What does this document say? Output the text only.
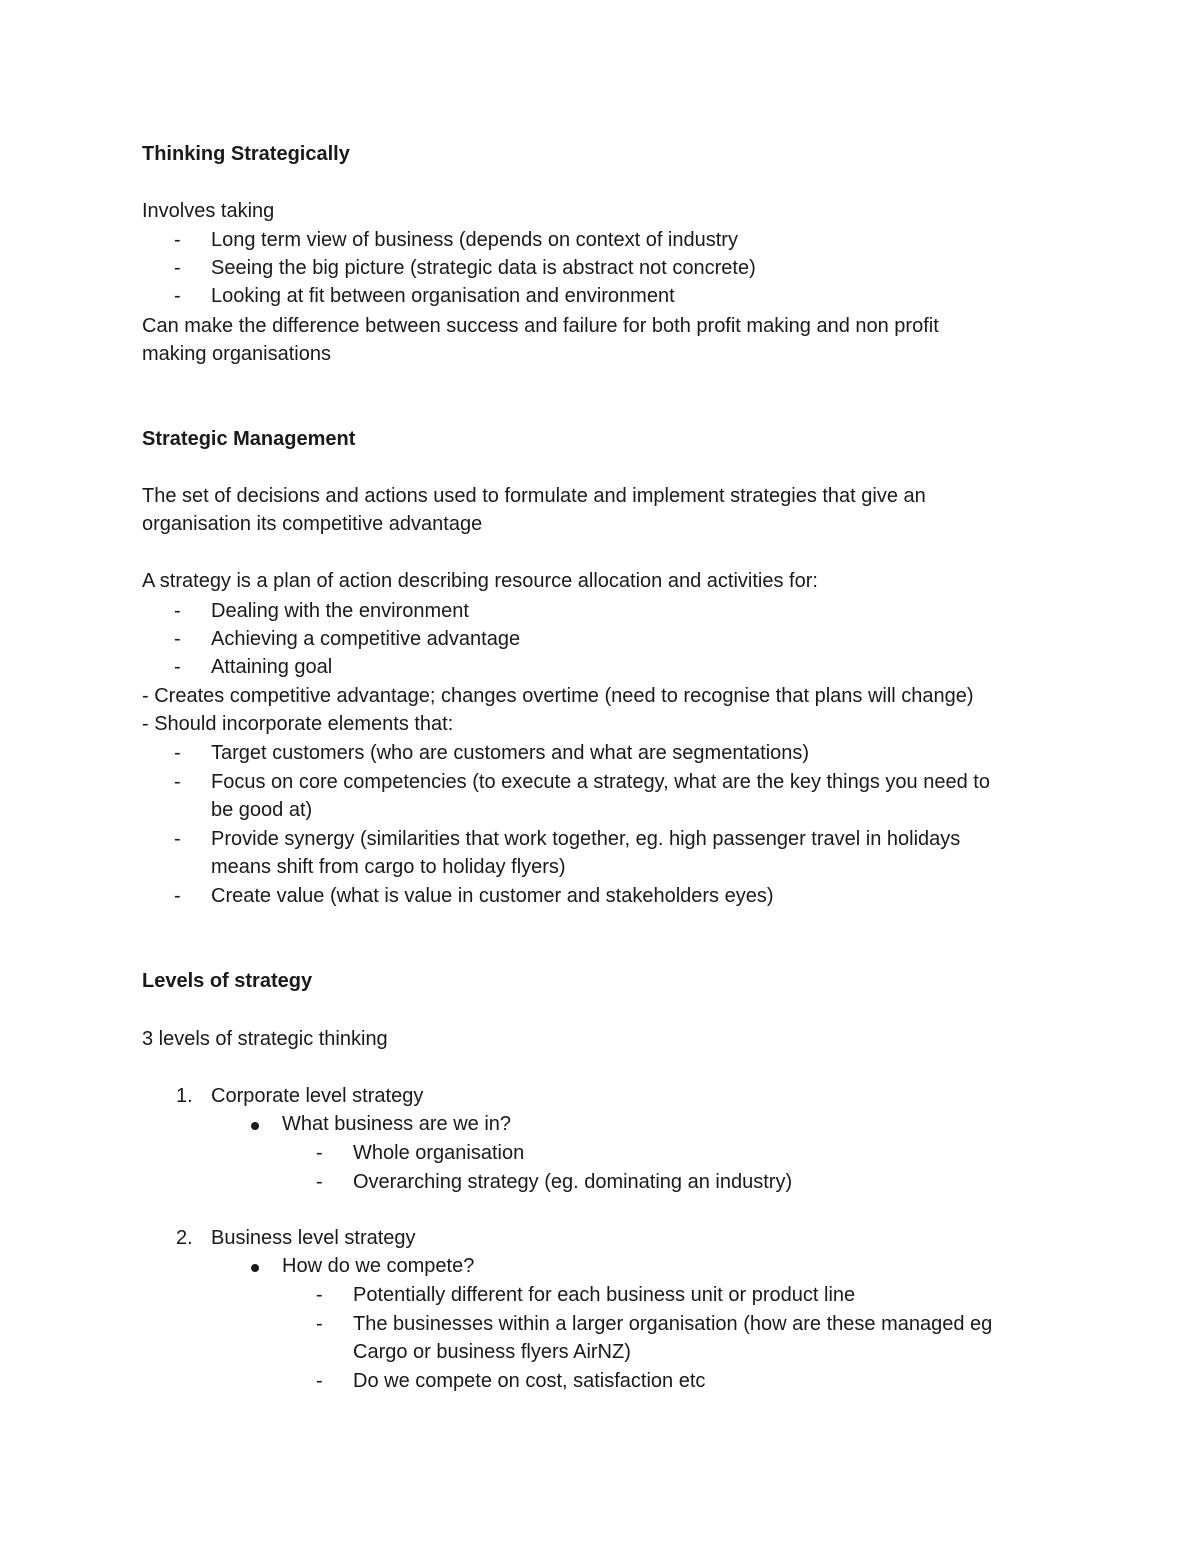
Thinking Strategically
Involves taking
- Long term view of business (depends on context of industry
- Seeing the big picture (strategic data is abstract not concrete)
- Looking at fit between organisation and environment
Can make the difference between success and failure for both profit making and non profit
making organisations
Strategic Management
The set of decisions and actions used to formulate and implement strategies that give an
organisation its competitive advantage
A strategy is a plan of action describing resource allocation and activities for:
- Dealing with the environment
- Achieving a competitive advantage
- Attaining goal
- Creates competitive advantage; changes overtime (need to recognise that plans will change)
- Should incorporate elements that:
- Target customers (who are customers and what are segmentations)
- Focus on core competencies (to execute a strategy, what are the key things you need to
be good at)
- Provide synergy (similarities that work together, eg. high passenger travel in holidays
means shift from cargo to holiday flyers)
- Create value (what is value in customer and stakeholders eyes)
Levels of strategy
3 levels of strategic thinking
1. Corporate level strategy
What business are we in?
- Whole organisation
- Overarching strategy (eg. dominating an industry)
2. Business level strategy
How do we compete?
- Potentially different for each business unit or product line
- The businesses within a larger organisation (how are these managed eg
Cargo or business flyers AirNZ)
- Do we compete on cost, satisfaction etc
